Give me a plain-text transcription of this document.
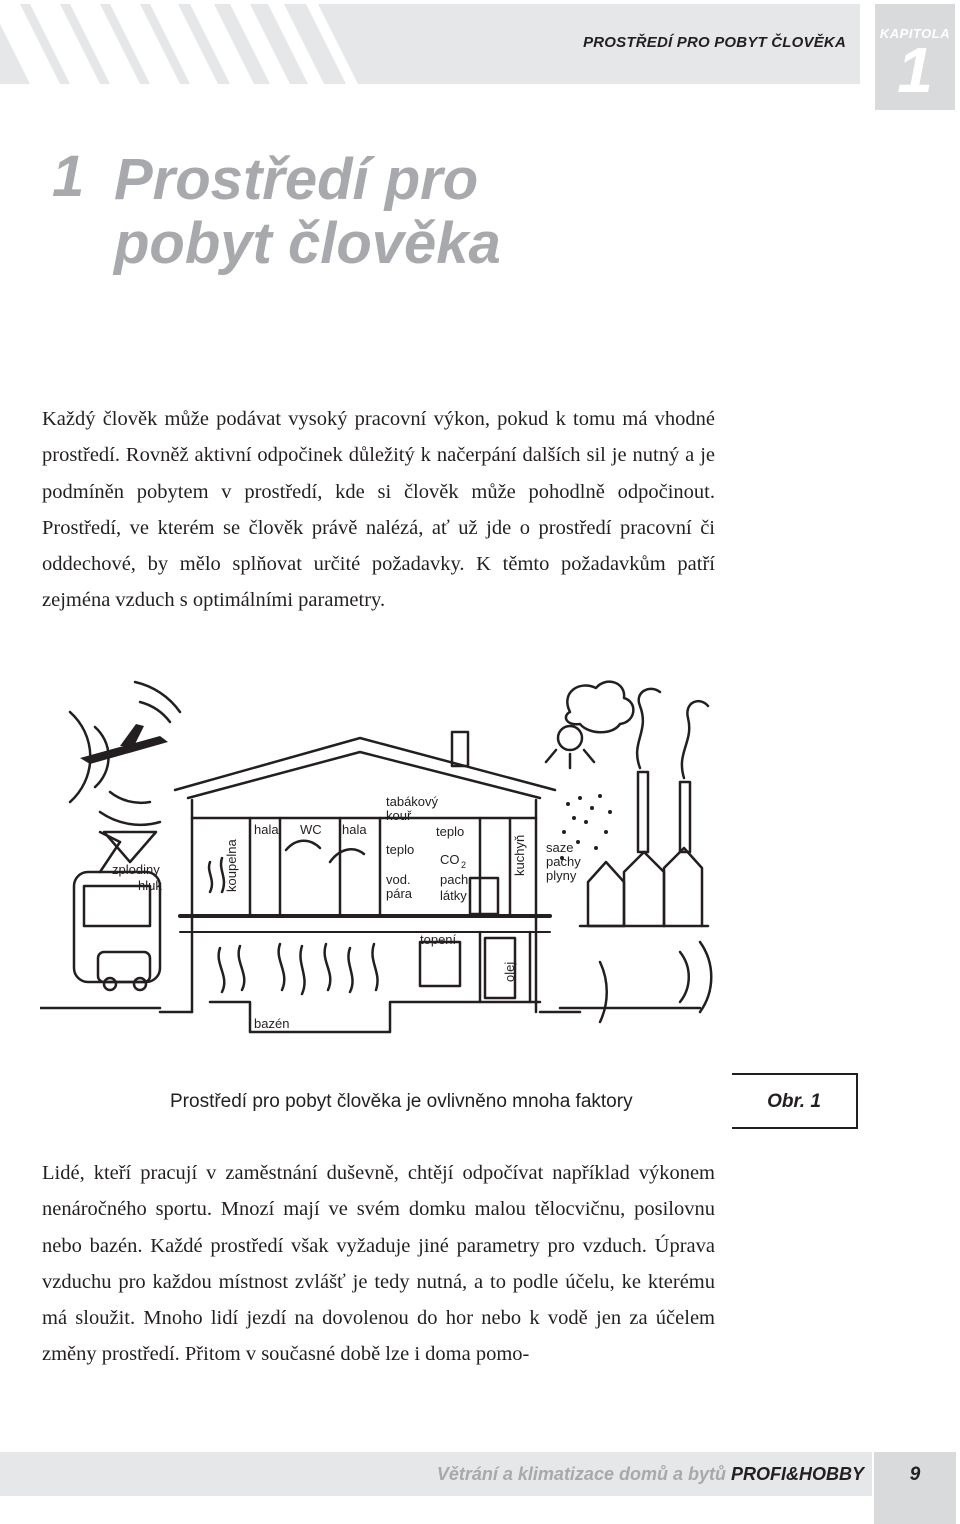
PROSTŘEDÍ PRO POBYT ČLOVĚKA
KAPITOLA
1
1 Prostředí pro pobyt člověka
Každý člověk může podávat vysoký pracovní výkon, pokud k tomu má vhodné prostředí. Rovněž aktivní odpočinek důležitý k načerpání dalších sil je nutný a je podmíněn pobytem v prostředí, kde si člověk může pohodlně odpočinout. Prostředí, ve kterém se člověk právě nalézá, ať už jde o prostředí pracovní či oddechové, by mělo splňovat určité požadavky. K těmto požadavkům patří zejména vzduch s optimálními parametry.
zplodiny
hluk	koupelna
hala WC hala
tabákový
kouř
teplo
teplo
CO 2
vod.
pára
pach.
látky
kuchyň saze
pachy
plyny
topení
olej
bazén
Prostředí pro pobyt člověka je ovlivněno mnoha faktory	Obr. 1
Lidé, kteří pracují v zaměstnání duševně, chtějí odpočívat například výkonem nenáročného sportu. Mnozí mají ve svém domku malou tělocvičnu, posilovnu nebo bazén. Každé prostředí však vyžaduje jiné parametry pro vzduch. Úprava vzduchu pro každou místnost zvlášť je tedy nutná, a to podle účelu, ke kterému má sloužit. Mnoho lidí jezdí na dovolenou do hor nebo k vodě jen za účelem změny prostředí. Přitom v současné době lze i doma pomo-
Větrání a klimatizace domů a bytů PROFI&HOBBY	9
